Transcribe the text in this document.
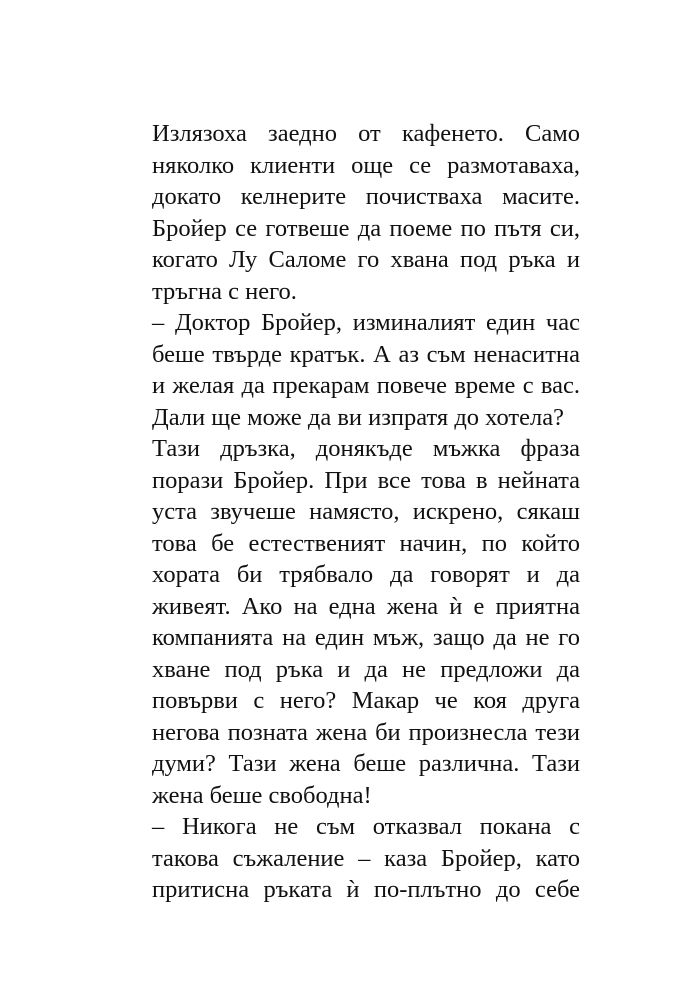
Излязоха заедно от кафенето. Само
няколко клиенти още се размотаваха,
докато келнерите почистваха масите.
Бройер се готвеше да поеме по пътя си,
когато Лу Саломе го хвана под ръка и
тръгна с него.
– Доктор Бройер, изминалият един час
беше твърде кратък. А аз съм ненаситна
и желая да прекарам повече време с вас.
Дали ще може да ви изпратя до хотела?
Тази дръзка, донякъде мъжка фраза
порази Бройер. При все това в нейната
уста звучеше намясто, искрено, сякаш
това бе естественият начин, по който
хората би трябвало да говорят и да
живеят. Ако на една жена ѝ е приятна
компанията на един мъж, защо да не го
хване под ръка и да не предложи да
повърви с него? Макар че коя друга
негова позната жена би произнесла тези
думи? Тази жена беше различна. Тази
жена беше свободна!
– Никога не съм отказвал покана с
такова съжаление – каза Бройер, като
притисна ръката ѝ по-плътно до себе
